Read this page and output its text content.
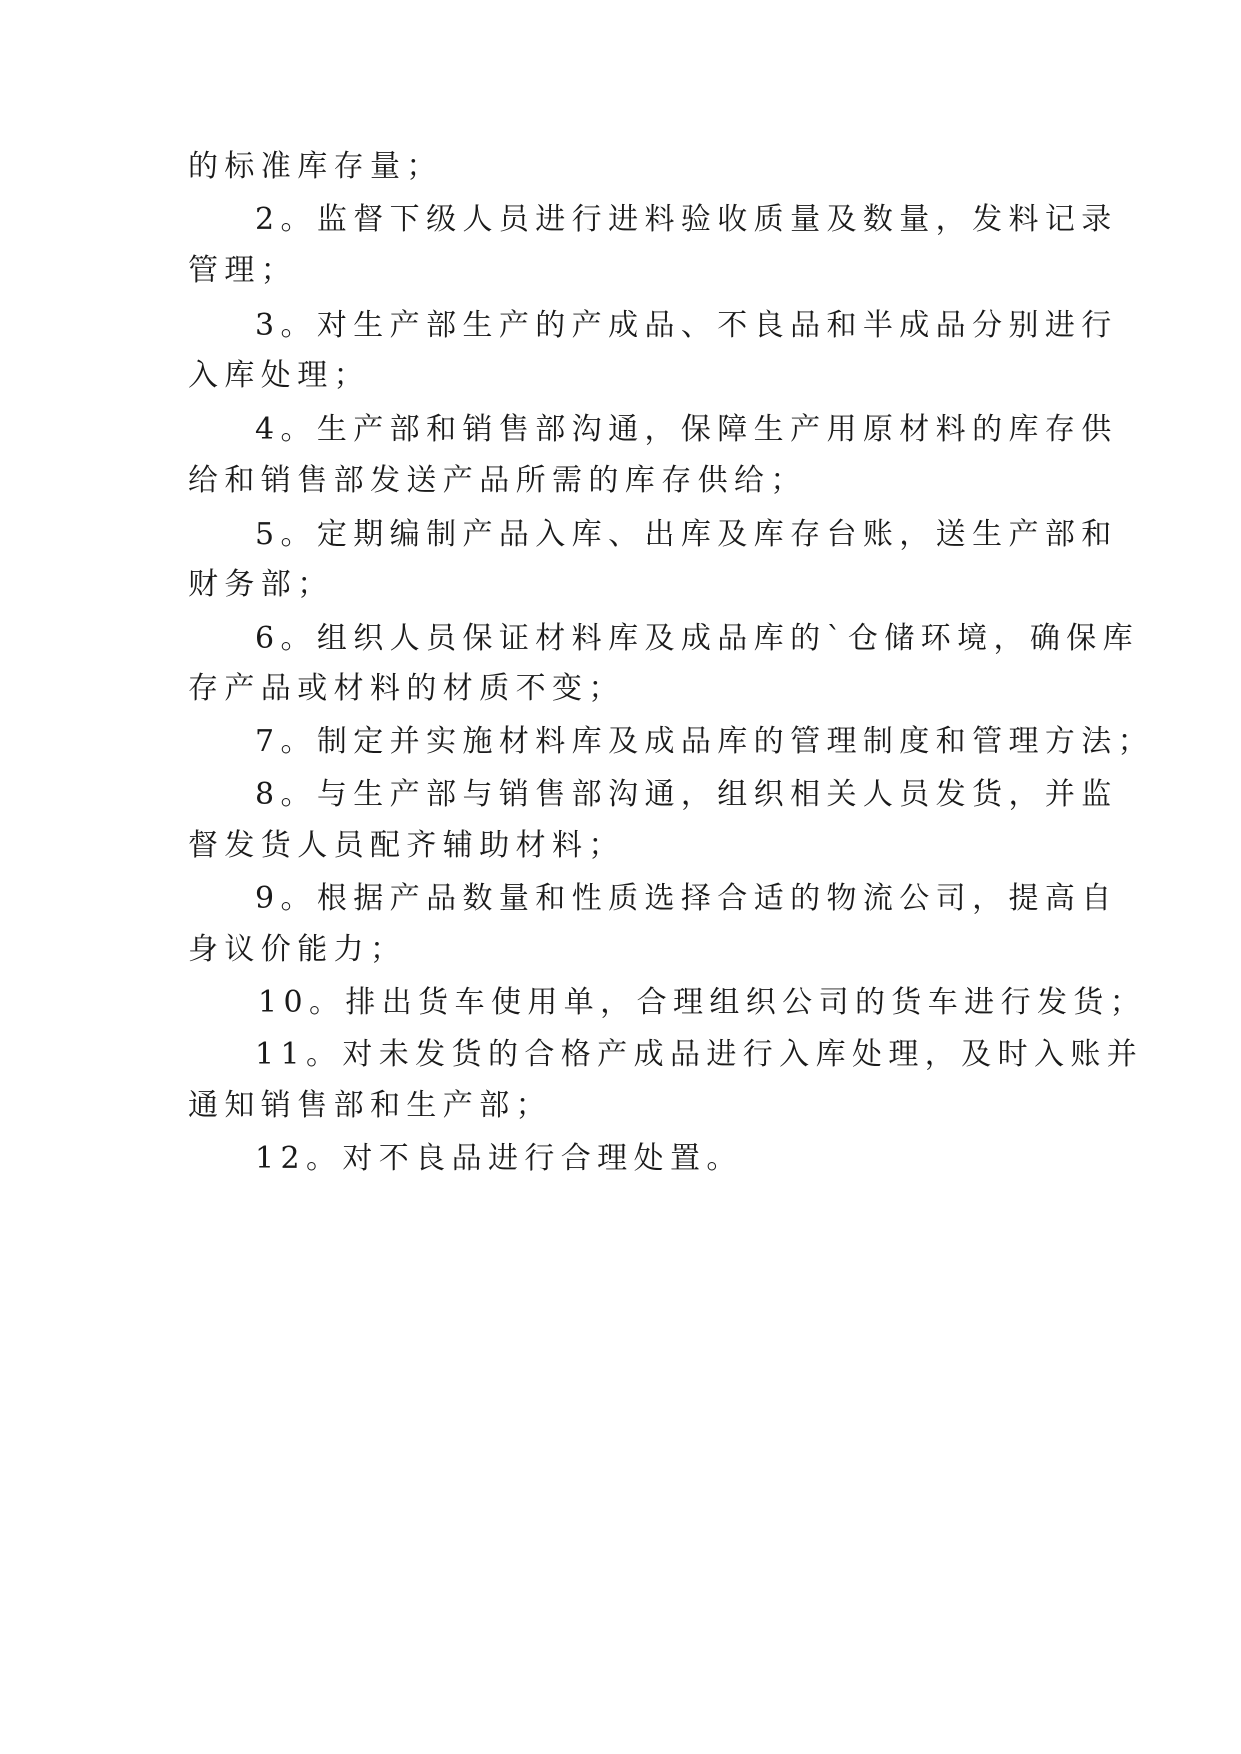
的标准库存量；
2。监督下级人员进行进料验收质量及数量，发料记录
管理；
3。对生产部生产的产成品、不良品和半成品分别进行
入库处理；
4。生产部和销售部沟通，保障生产用原材料的库存供
给和销售部发送产品所需的库存供给；
5。定期编制产品入库、出库及库存台账，送生产部和
财务部；
6。组织人员保证材料库及成品库的`仓储环境，确保库
存产品或材料的材质不变；
7。制定并实施材料库及成品库的管理制度和管理方法；
8。与生产部与销售部沟通，组织相关人员发货，并监
督发货人员配齐辅助材料；
9。根据产品数量和性质选择合适的物流公司，提高自
身议价能力；
10。排出货车使用单，合理组织公司的货车进行发货；
11。对未发货的合格产成品进行入库处理，及时入账并
通知销售部和生产部；
12。对不良品进行合理处置。
